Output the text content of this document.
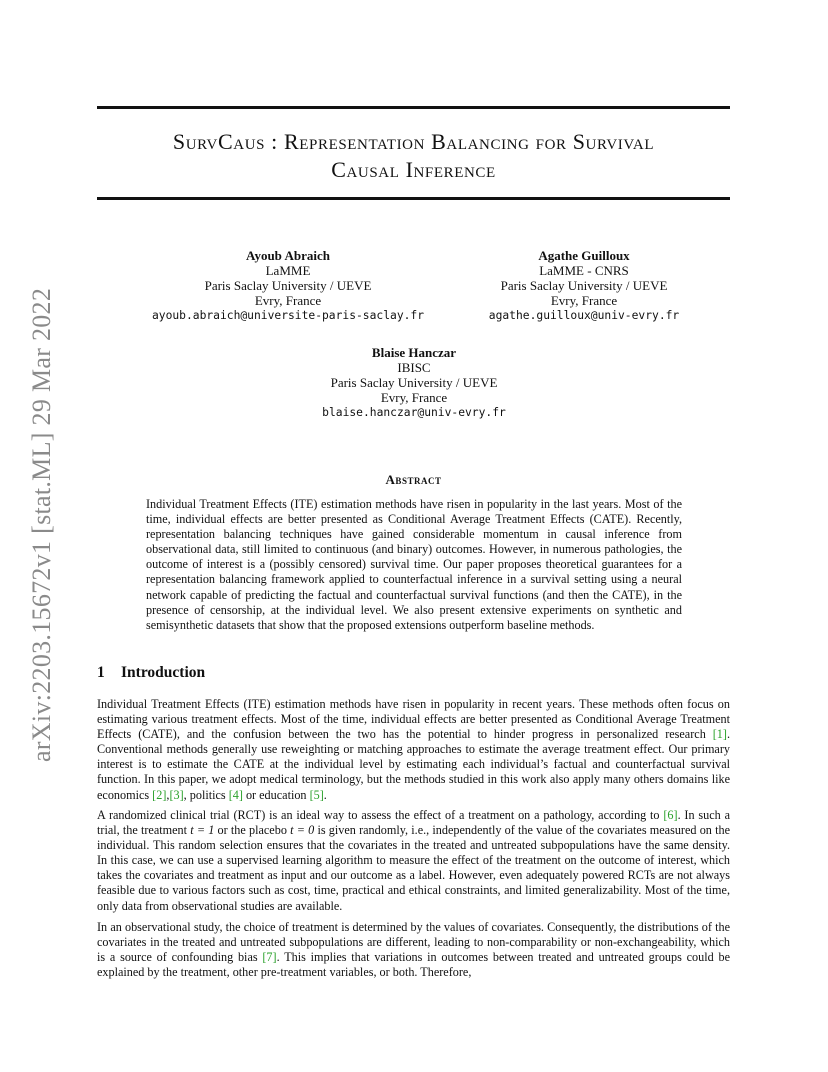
arXiv:2203.15672v1 [stat.ML] 29 Mar 2022
SurvCaus : Representation Balancing for Survival
Causal Inference
Ayoub Abraich
LaMME
Paris Saclay University / UEVE
Evry, France
ayoub.abraich@universite-paris-saclay.fr
Agathe Guilloux
LaMME - CNRS
Paris Saclay University / UEVE
Evry, France
agathe.guilloux@univ-evry.fr
Blaise Hanczar
IBISC
Paris Saclay University / UEVE
Evry, France
blaise.hanczar@univ-evry.fr
Abstract
Individual Treatment Effects (ITE) estimation methods have risen in popularity in the last years. Most of the time, individual effects are better presented as Conditional Average Treatment Effects (CATE). Recently, representation balancing techniques have gained considerable momentum in causal inference from observational data, still limited to continuous (and binary) outcomes. However, in numerous pathologies, the outcome of interest is a (possibly censored) survival time. Our paper proposes theoretical guarantees for a representation balancing framework applied to counterfactual inference in a survival setting using a neural network capable of predicting the factual and counterfactual survival functions (and then the CATE), in the presence of censorship, at the individual level. We also present extensive experiments on synthetic and semisynthetic datasets that show that the proposed extensions outperform baseline methods.
1 Introduction
Individual Treatment Effects (ITE) estimation methods have risen in popularity in recent years. These methods often focus on estimating various treatment effects. Most of the time, individual effects are better presented as Conditional Average Treatment Effects (CATE), and the confusion between the two has the potential to hinder progress in personalized research [1]. Conventional methods generally use reweighting or matching approaches to estimate the average treatment effect. Our primary interest is to estimate the CATE at the individual level by estimating each individual’s factual and counterfactual survival function. In this paper, we adopt medical terminology, but the methods studied in this work also apply many others domains like economics [2],[3], politics [4] or education [5].
A randomized clinical trial (RCT) is an ideal way to assess the effect of a treatment on a pathology, according to [6]. In such a trial, the treatment t = 1 or the placebo t = 0 is given randomly, i.e., independently of the value of the covariates measured on the individual. This random selection ensures that the covariates in the treated and untreated subpopulations have the same density. In this case, we can use a supervised learning algorithm to measure the effect of the treatment on the outcome of interest, which takes the covariates and treatment as input and our outcome as a label. However, even adequately powered RCTs are not always feasible due to various factors such as cost, time, practical and ethical constraints, and limited generalizability. Most of the time, only data from observational studies are available.
In an observational study, the choice of treatment is determined by the values of covariates. Consequently, the distributions of the covariates in the treated and untreated subpopulations are different, leading to non-comparability or non-exchangeability, which is a source of confounding bias [7]. This implies that variations in outcomes between treated and untreated groups could be explained by the treatment, other pre-treatment variables, or both. Therefore,
